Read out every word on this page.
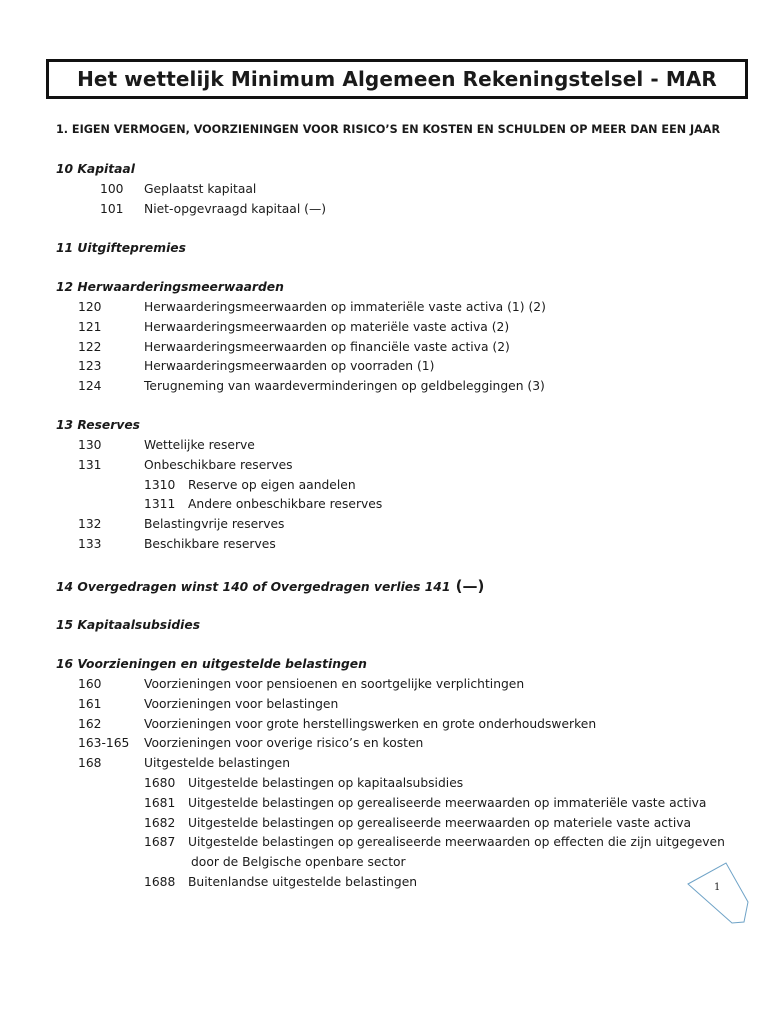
Het wettelijk Minimum Algemeen Rekeningstelsel - MAR
1. EIGEN VERMOGEN, VOORZIENINGEN VOOR RISICO’S EN KOSTEN EN SCHULDEN OP MEER DAN EEN JAAR
10 Kapitaal
100 Geplaatst kapitaal
101 Niet-opgevraagd kapitaal (—)
11 Uitgiftepremies
12 Herwaarderingsmeerwaarden
120	Herwaarderingsmeerwaarden op immateriële vaste activa (1) (2)
121	Herwaarderingsmeerwaarden op materiële vaste activa (2)
122	Herwaarderingsmeerwaarden op financiële vaste activa (2)
123	Herwaarderingsmeerwaarden op voorraden (1)
124	Terugneming van waardeverminderingen op geldbeleggingen (3)
13 Reserves
130	Wettelijke reserve
131	Onbeschikbare reserves
1310 Reserve op eigen aandelen
1311 Andere onbeschikbare reserves
132	Belastingvrije reserves
133	Beschikbare reserves
14 Overgedragen winst 140 of Overgedragen verlies 141 (—)
15 Kapitaalsubsidies
16 Voorzieningen en uitgestelde belastingen
160	Voorzieningen voor pensioenen en soortgelijke verplichtingen
161	Voorzieningen voor belastingen
162	Voorzieningen voor grote herstellingswerken en grote onderhoudswerken
163-165 Voorzieningen voor overige risico’s en kosten
168	Uitgestelde belastingen
1680 Uitgestelde belastingen op kapitaalsubsidies
1681 Uitgestelde belastingen op gerealiseerde meerwaarden op immateriële vaste activa
1682 Uitgestelde belastingen op gerealiseerde meerwaarden op materiele vaste activa
1687 Uitgestelde belastingen op gerealiseerde meerwaarden op effecten die zijn uitgegeven
door de Belgische openbare sector
1688 Buitenlandse uitgestelde belastingen	1
